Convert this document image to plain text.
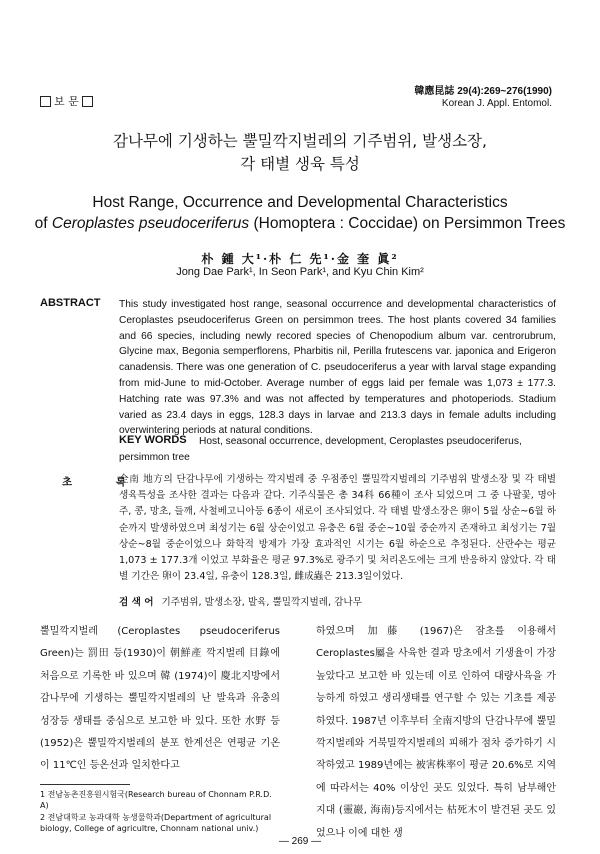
보 문
韓應昆誌 29(4):269~276(1990)
Korean J. Appl. Entomol.
감나무에 기생하는 뿔밀깍지벌레의 기주범위, 발생소장,
각 태별 생육 특성
Host Range, Occurrence and Developmental Characteristics
of Ceroplastes pseudoceriferus (Homoptera : Coccidae) on Persimmon Trees
朴 鍾 大¹·朴 仁 先¹·金 奎 眞²
Jong Dae Park¹, In Seon Park¹, and Kyu Chin Kim²
ABSTRACT This study investigated host range, seasonal occurrence and developmental characteristics of Ceroplastes pseudoceriferus Green on persimmon trees. The host plants covered 34 families and 66 species, including newly recored species of Chenopodium album var. centrorubrum, Glycine max, Begonia semperflorens, Pharbitis nil, Perilla frutescens var. japonica and Erigeron canadensis. There was one generation of C. pseudoceriferus a year with larval stage expanding from mid-June to mid-October. Average number of eggs laid per female was 1,073 ± 177.3. Hatching rate was 97.3% and was not affected by temperatures and photoperiods. Stadium varied as 23.4 days in eggs, 128.3 days in larvae and 213.3 days in female adults including overwintering periods at natural conditions.
Host, seasonal occurrence, development, Ceroplastes pseudoceriferus, persimmon tree
KEY WORDS
초 록
全南 地方의 단감나무에 기생하는 깍지벌레 중 우점종인 뿔밀깍지벌레의 기주범위 발생소장 및 각 태별 생육특성을 조사한 결과는 다음과 같다. 기주식물은 총 34科 66種이 조사 되었으며 그 중 나팔꽃, 명아주, 콩, 망초, 들깨, 사철베고니아등 6종이 새로이 조사되었다. 각 태별 발생소장은 卵이 5월 상순~6월 하순까지 발생하였으며 최성기는 6월 상순이었고 유충은 6월 중순~10월 중순까지 존재하고 최성기는 7월 상순~8월 중순이었으나 화학적 방제가 가장 효과적인 시기는 6월 하순으로 추정된다. 산란수는 평균 1,073 ± 177.3개 이었고 부화율은 평균 97.3%로 광주기 및 처리온도에는 크게 반응하지 않았다. 각 태별 기간은 卵이 23.4일, 유충이 128.3일, 雌成蟲은 213.3일이었다.
검 색 어 기주범위, 발생소장, 발육, 뿔밀깍지벌레, 감나무
뿔밀깍지벌레 (Ceroplastes pseudoceriferus Green)는 罰田 등(1930)이 朝鮮產 깍지벌레 目錄에 처음으로 기록한 바 있으며 韓 (1974)이 慶北지방에서 감나무에 기생하는 뿔밀깍지벌레의 난 발육과 유충의 성장등 생태를 중심으로 보고한 바 있다. 또한 水野 등 (1952)은 뿔밀깍지벌레의 분포 한계선은 연평균 기온이 11℃인 등온선과 일치한다고
하였으며 加藤 (1967)은 잠초를 이용해서 Ceroplastes屬을 사육한 결과 망초에서 기생율이 가장 높았다고 보고한 바 있는데 이로 인하여 대량사육을 가능하게 하였고 생리생태를 연구할 수 있는 기초를 제공하였다. 1987년 이후부터 全南지방의 단감나무에 뿔밀깍지벌레와 거북밀깍지벌레의 피해가 점차 증가하기 시작하였고 1989년에는 被害株率이 평균 20.6%로 지역에 따라서는 40% 이상인 곳도 있었다. 특히 남부해안지대 (靈巖, 海南)등지에서는 枯死木이 발견된 곳도 있었으나 이에 대한 생
1 전남농촌진흥원시험국(Research bureau of Chonnam P.R.D. A)
2 전남대학교 농과대학 농생물학과(Department of agricultural biology, College of agricultre, Chonnam national univ.)
— 269 —
